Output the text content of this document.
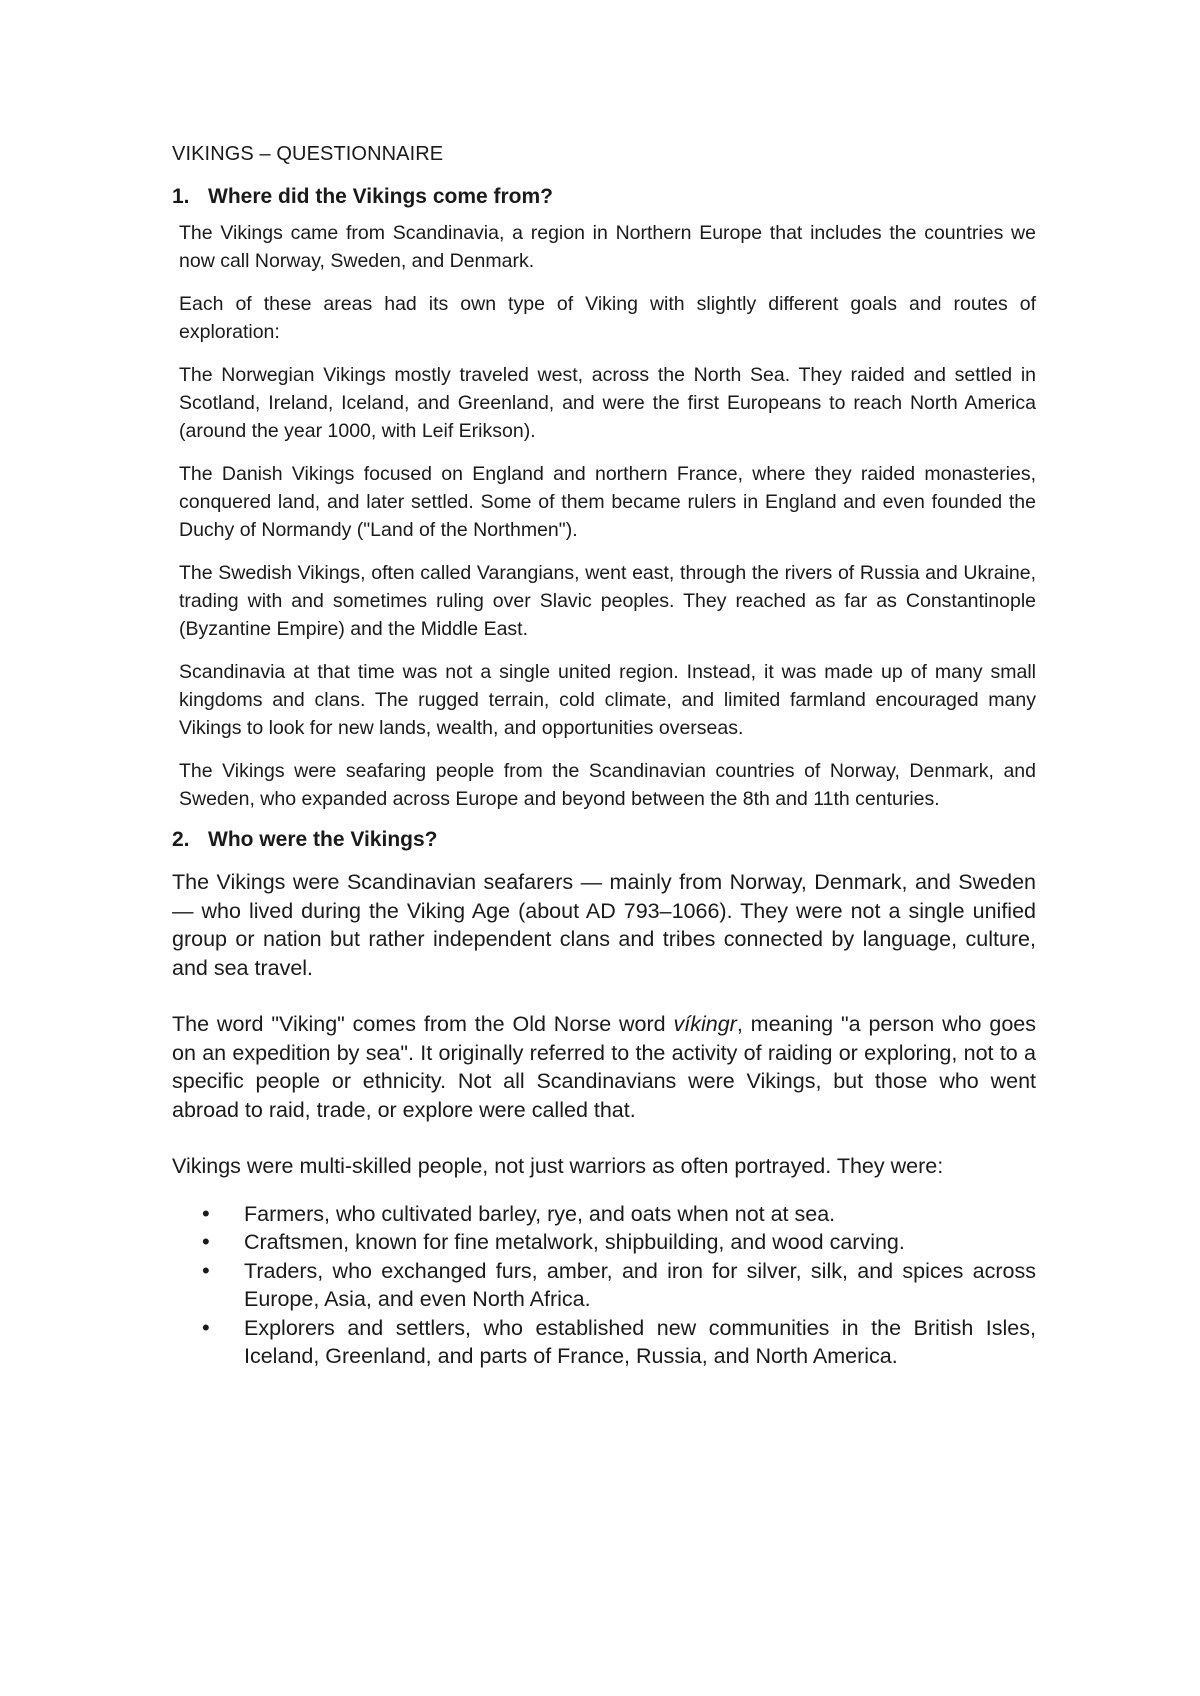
VIKINGS – QUESTIONNAIRE
1. Where did the Vikings come from?

The Vikings came from Scandinavia, a region in Northern Europe that includes the countries we now call Norway, Sweden, and Denmark.

Each of these areas had its own type of Viking with slightly different goals and routes of exploration:

The Norwegian Vikings mostly traveled west, across the North Sea. They raided and settled in Scotland, Ireland, Iceland, and Greenland, and were the first Europeans to reach North America (around the year 1000, with Leif Erikson).

The Danish Vikings focused on England and northern France, where they raided monasteries, conquered land, and later settled. Some of them became rulers in England and even founded the Duchy of Normandy ("Land of the Northmen").

The Swedish Vikings, often called Varangians, went east, through the rivers of Russia and Ukraine, trading with and sometimes ruling over Slavic peoples. They reached as far as Constantinople (Byzantine Empire) and the Middle East.

Scandinavia at that time was not a single united region. Instead, it was made up of many small kingdoms and clans. The rugged terrain, cold climate, and limited farmland encouraged many Vikings to look for new lands, wealth, and opportunities overseas.

The Vikings were seafaring people from the Scandinavian countries of Norway, Denmark, and Sweden, who expanded across Europe and beyond between the 8th and 11th centuries.

2. Who were the Vikings?

The Vikings were Scandinavian seafarers — mainly from Norway, Denmark, and Sweden — who lived during the Viking Age (about AD 793–1066). They were not a single unified group or nation but rather independent clans and tribes connected by language, culture, and sea travel.

The word "Viking" comes from the Old Norse word víkingr, meaning "a person who goes on an expedition by sea". It originally referred to the activity of raiding or exploring, not to a specific people or ethnicity. Not all Scandinavians were Vikings, but those who went abroad to raid, trade, or explore were called that.

Vikings were multi-skilled people, not just warriors as often portrayed. They were:

• Farmers, who cultivated barley, rye, and oats when not at sea.
• Craftsmen, known for fine metalwork, shipbuilding, and wood carving.
• Traders, who exchanged furs, amber, and iron for silver, silk, and spices across Europe, Asia, and even North Africa.
• Explorers and settlers, who established new communities in the British Isles, Iceland, Greenland, and parts of France, Russia, and North America.
